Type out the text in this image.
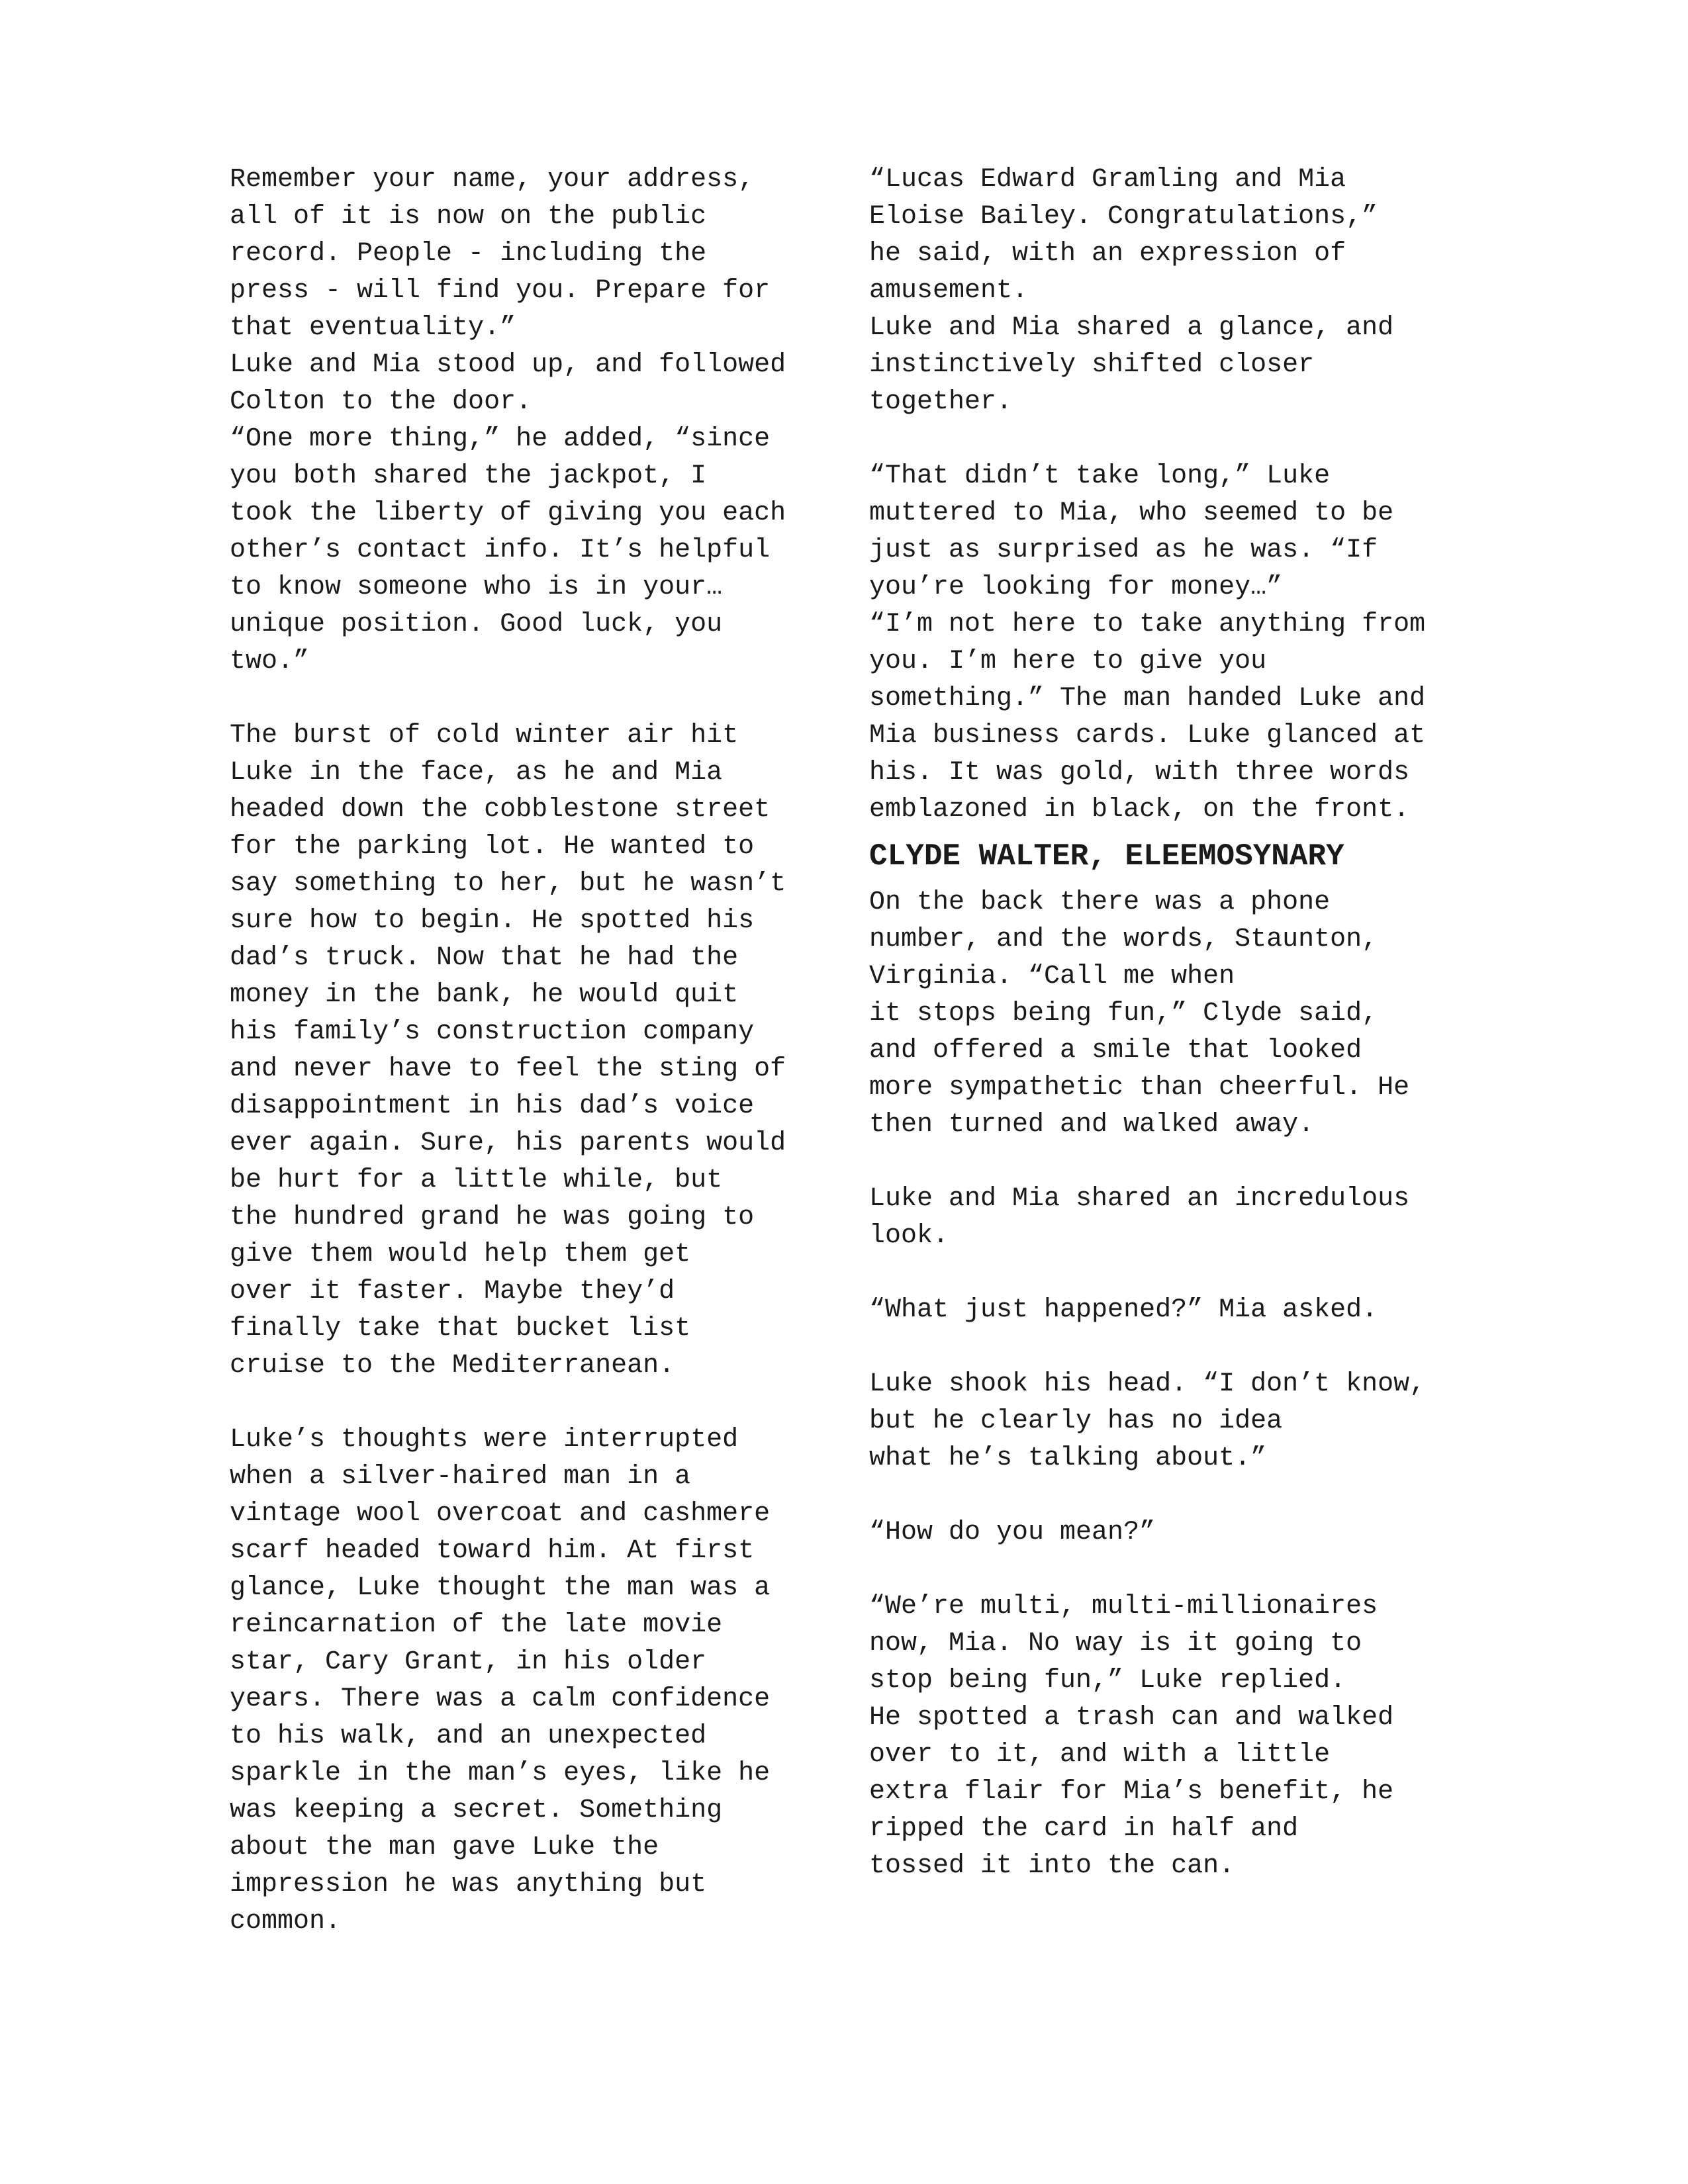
Remember your name, your address,
all of it is now on the public
record. People - including the
press - will find you. Prepare for
that eventuality.”
Luke and Mia stood up, and followed
Colton to the door.
“One more thing,” he added, “since
you both shared the jackpot, I
took the liberty of giving you each
other’s contact info. It’s helpful
to know someone who is in your…
unique position. Good luck, you
two.”
The burst of cold winter air hit
Luke in the face, as he and Mia
headed down the cobblestone street
for the parking lot. He wanted to
say something to her, but he wasn’t
sure how to begin. He spotted his
dad’s truck. Now that he had the
money in the bank, he would quit
his family’s construction company
and never have to feel the sting of
disappointment in his dad’s voice
ever again. Sure, his parents would
be hurt for a little while, but
the hundred grand he was going to
give them would help them get
over it faster. Maybe they’d
finally take that bucket list
cruise to the Mediterranean.
Luke’s thoughts were interrupted
when a silver-haired man in a
vintage wool overcoat and cashmere
scarf headed toward him. At first
glance, Luke thought the man was a
reincarnation of the late movie
star, Cary Grant, in his older
years. There was a calm confidence
to his walk, and an unexpected
sparkle in the man’s eyes, like he
was keeping a secret. Something
about the man gave Luke the
impression he was anything but
common.
“Lucas Edward Gramling and Mia
Eloise Bailey. Congratulations,”
he said, with an expression of
amusement.
Luke and Mia shared a glance, and
instinctively shifted closer
together.
“That didn’t take long,” Luke
muttered to Mia, who seemed to be
just as surprised as he was. “If
you’re looking for money…”
“I’m not here to take anything from
you. I’m here to give you
something.” The man handed Luke and
Mia business cards. Luke glanced at
his. It was gold, with three words
emblazoned in black, on the front.
CLYDE WALTER, ELEEMOSYNARY
On the back there was a phone
number, and the words, Staunton,
Virginia. “Call me when
it stops being fun,” Clyde said,
and offered a smile that looked
more sympathetic than cheerful. He
then turned and walked away.
Luke and Mia shared an incredulous
look.
“What just happened?” Mia asked.
Luke shook his head. “I don’t know,
but he clearly has no idea
what he’s talking about.”
“How do you mean?”
“We’re multi, multi-millionaires
now, Mia. No way is it going to
stop being fun,” Luke replied.
He spotted a trash can and walked
over to it, and with a little
extra flair for Mia’s benefit, he
ripped the card in half and
tossed it into the can.
